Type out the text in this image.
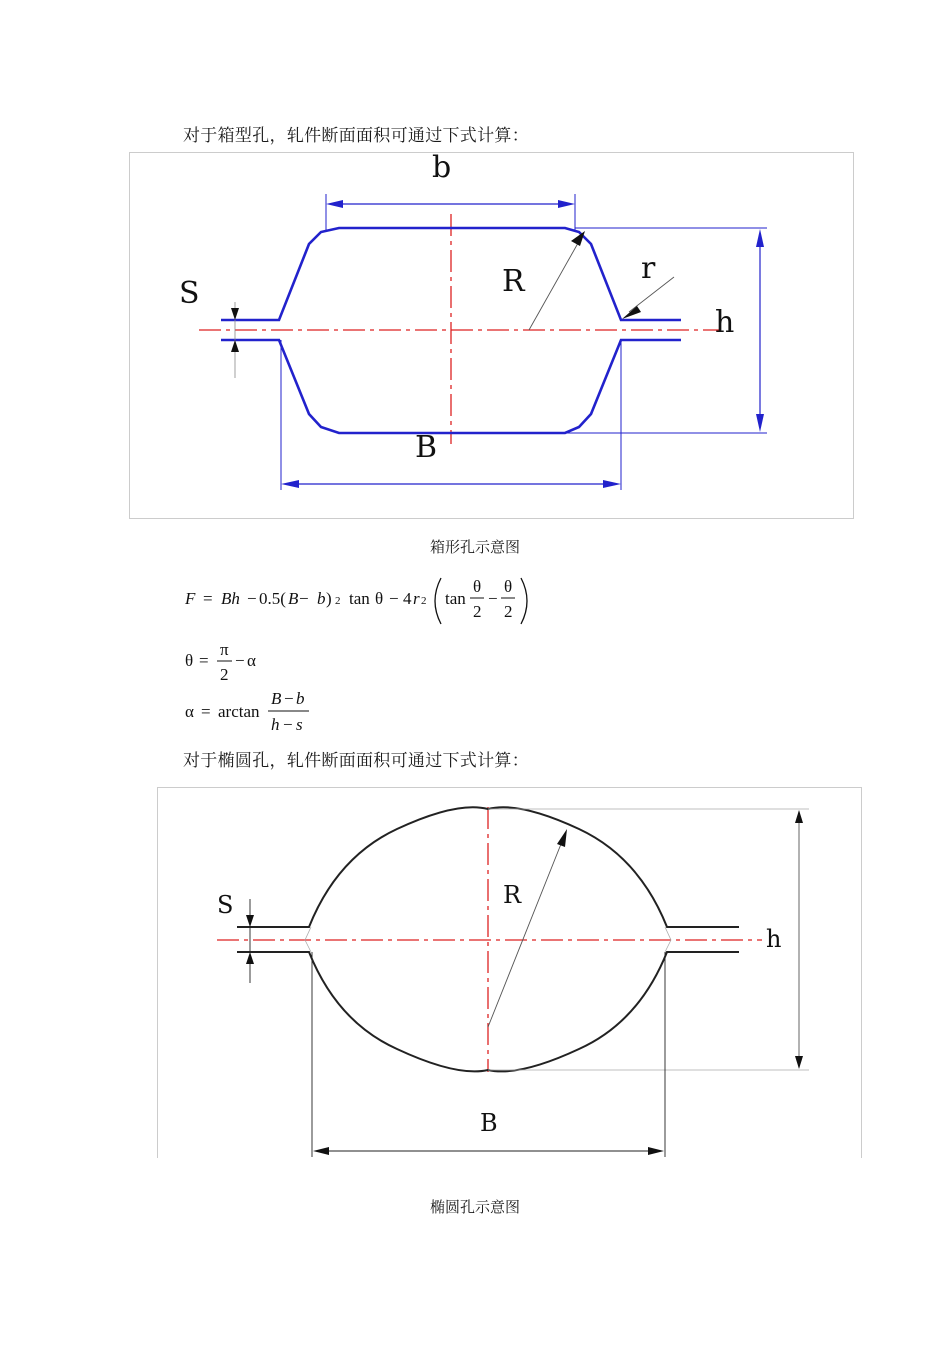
对于箱型孔，轧件断面面积可通过下式计算：
b
S	R	r
h
B
箱形孔示意图
F = Bh − 0.5( B − b ) 2 tan θ − 4 r 2 tan
θ
2
−
θ
2
θ =
π
2
− α
α = arctan
B − b
h − s
对于椭圆孔，轧件断面面积可通过下式计算：
S	R
h
B
椭圆孔示意图
